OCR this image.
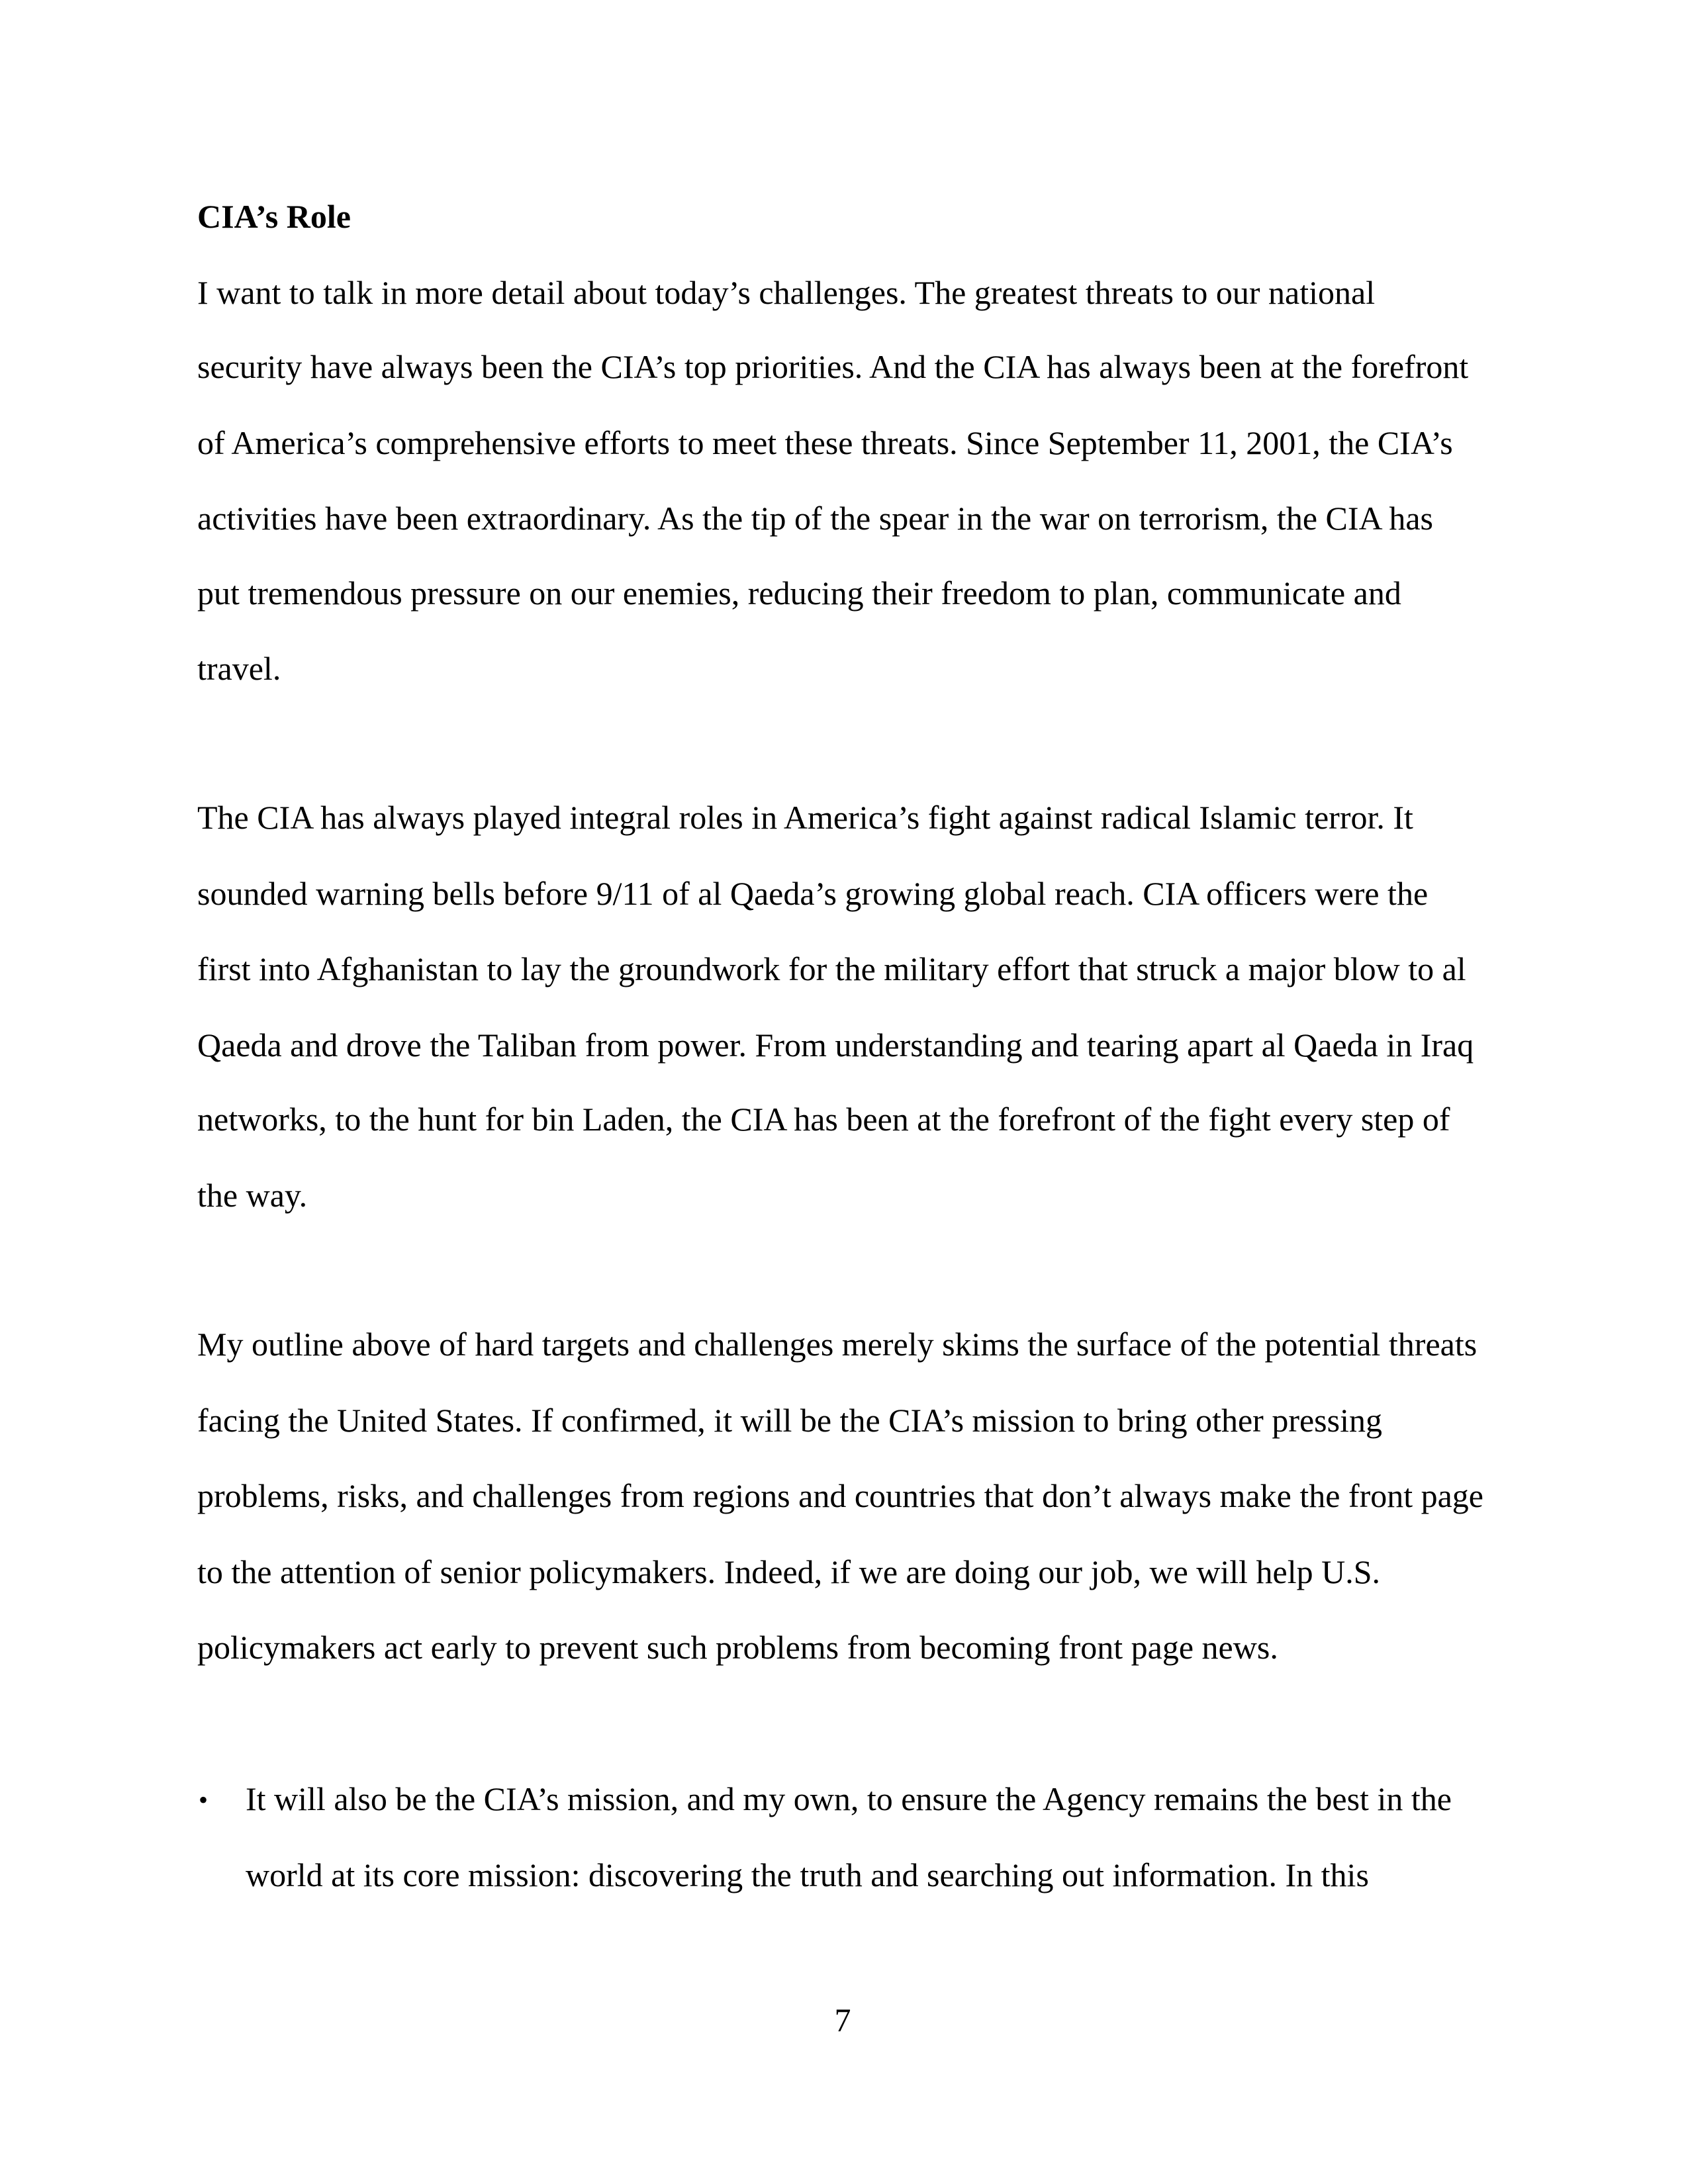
CIA’s Role
I want to talk in more detail about today’s challenges. The greatest threats to our national
security have always been the CIA’s top priorities. And the CIA has always been at the forefront
of America’s comprehensive efforts to meet these threats. Since September 11, 2001, the CIA’s
activities have been extraordinary. As the tip of the spear in the war on terrorism, the CIA has
put tremendous pressure on our enemies, reducing their freedom to plan, communicate and
travel.
The CIA has always played integral roles in America’s fight against radical Islamic terror. It
sounded warning bells before 9/11 of al Qaeda’s growing global reach. CIA officers were the
first into Afghanistan to lay the groundwork for the military effort that struck a major blow to al
Qaeda and drove the Taliban from power. From understanding and tearing apart al Qaeda in Iraq
networks, to the hunt for bin Laden, the CIA has been at the forefront of the fight every step of
the way.
My outline above of hard targets and challenges merely skims the surface of the potential threats
facing the United States. If confirmed, it will be the CIA’s mission to bring other pressing
problems, risks, and challenges from regions and countries that don’t always make the front page
to the attention of senior policymakers. Indeed, if we are doing our job, we will help U.S.
policymakers act early to prevent such problems from becoming front page news.
• It will also be the CIA’s mission, and my own, to ensure the Agency remains the best in the
world at its core mission: discovering the truth and searching out information. In this
7
